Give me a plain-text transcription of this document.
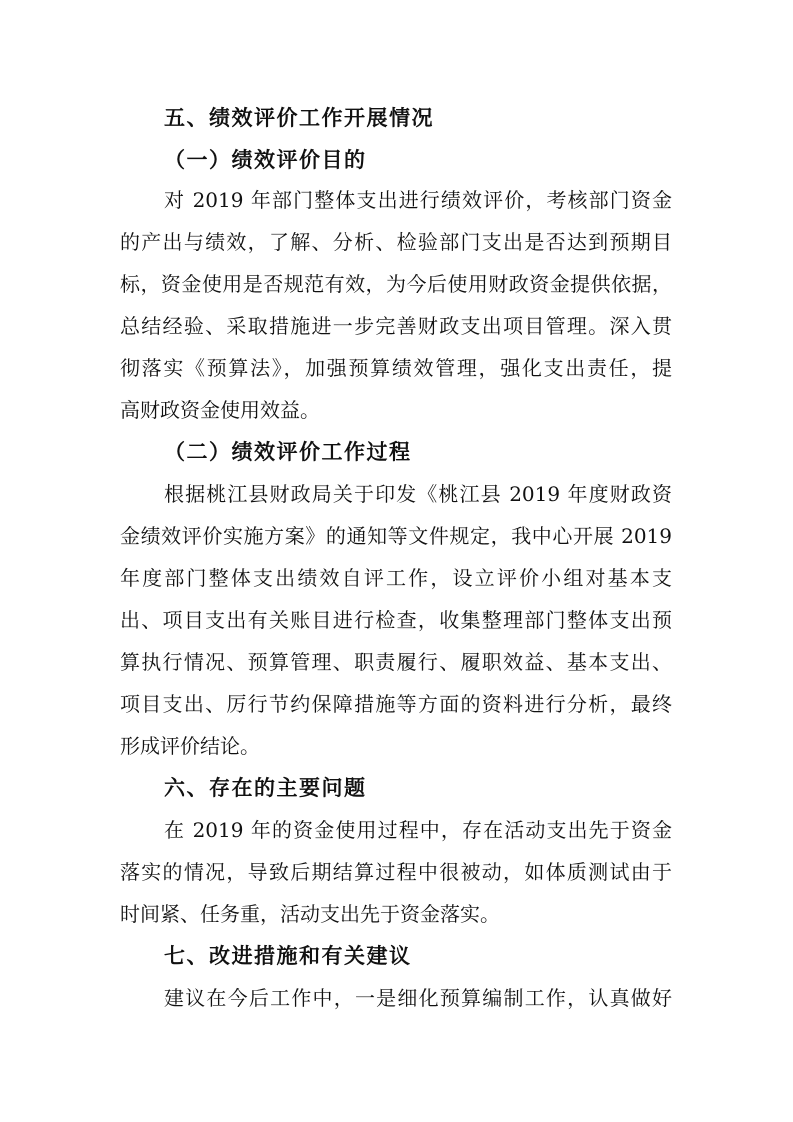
五、绩效评价工作开展情况
（一）绩效评价目的
对 2019 年部门整体支出进行绩效评价，考核部门资金
的产出与绩效，了解、分析、检验部门支出是否达到预期目
标，资金使用是否规范有效，为今后使用财政资金提供依据，
总结经验、采取措施进一步完善财政支出项目管理。深入贯
彻落实《预算法》，加强预算绩效管理，强化支出责任，提
高财政资金使用效益。
（二）绩效评价工作过程
根据桃江县财政局关于印发《桃江县 2019 年度财政资
金绩效评价实施方案》的通知等文件规定，我中心开展 2019
年度部门整体支出绩效自评工作，设立评价小组对基本支
出、项目支出有关账目进行检查，收集整理部门整体支出预
算执行情况、预算管理、职责履行、履职效益、基本支出、
项目支出、厉行节约保障措施等方面的资料进行分析，最终
形成评价结论。
六、存在的主要问题
在 2019 年的资金使用过程中，存在活动支出先于资金
落实的情况，导致后期结算过程中很被动，如体质测试由于
时间紧、任务重，活动支出先于资金落实。
七、改进措施和有关建议
建议在今后工作中，一是细化预算编制工作，认真做好
